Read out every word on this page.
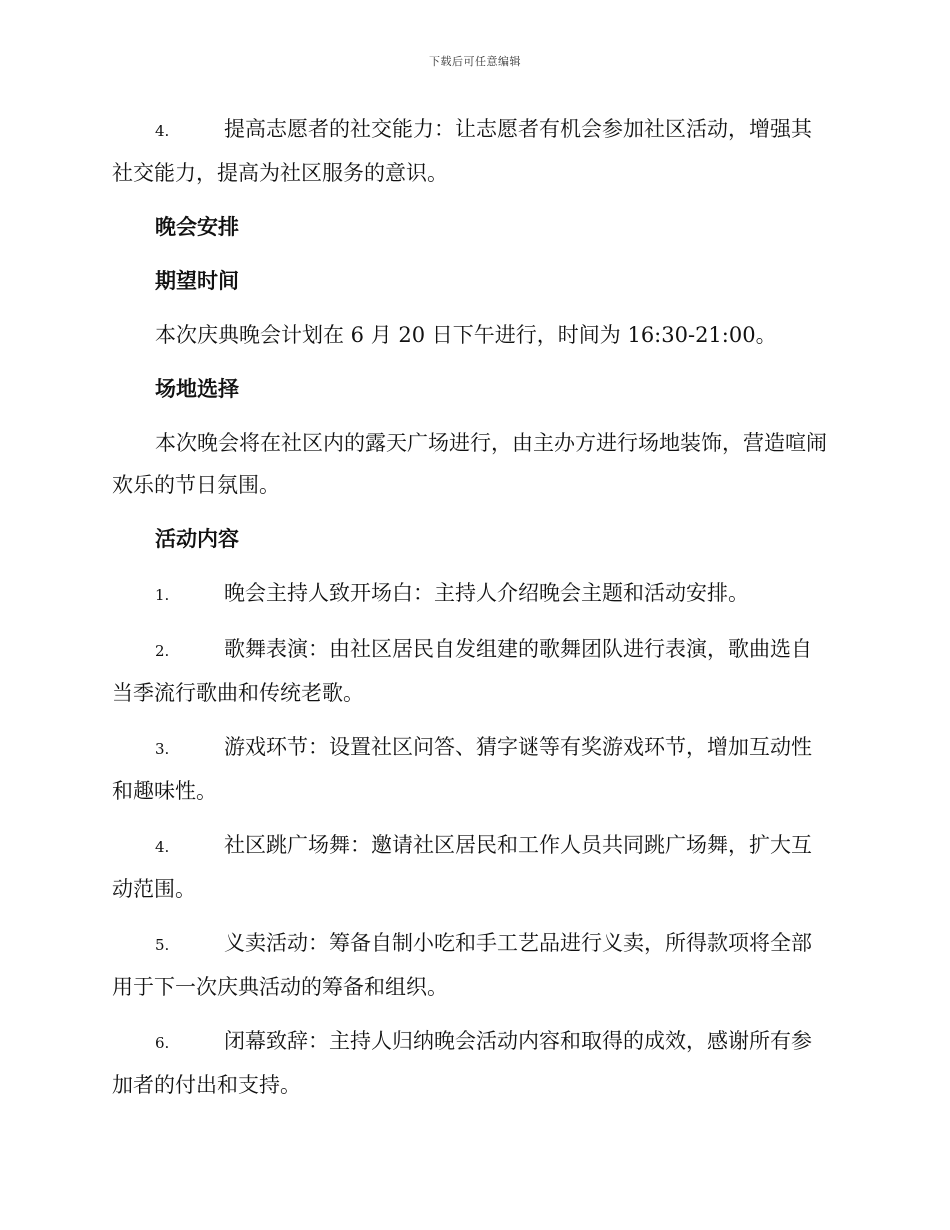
下载后可任意编辑

4.	提高志愿者的社交能力：让志愿者有机会参加社区活动，增强其社交能力，提高为社区服务的意识。

晚会安排

期望时间

本次庆典晚会计划在 6 月 20 日下午进行，时间为 16:30-21:00。

场地选择

本次晚会将在社区内的露天广场进行，由主办方进行场地装饰，营造喧闹欢乐的节日氛围。

活动内容

1.	晚会主持人致开场白：主持人介绍晚会主题和活动安排。

2.	歌舞表演：由社区居民自发组建的歌舞团队进行表演，歌曲选自当季流行歌曲和传统老歌。

3.	游戏环节：设置社区问答、猜字谜等有奖游戏环节，增加互动性和趣味性。

4.	社区跳广场舞：邀请社区居民和工作人员共同跳广场舞，扩大互动范围。

5.	义卖活动：筹备自制小吃和手工艺品进行义卖，所得款项将全部用于下一次庆典活动的筹备和组织。

6.	闭幕致辞：主持人归纳晚会活动内容和取得的成效，感谢所有参加者的付出和支持。
